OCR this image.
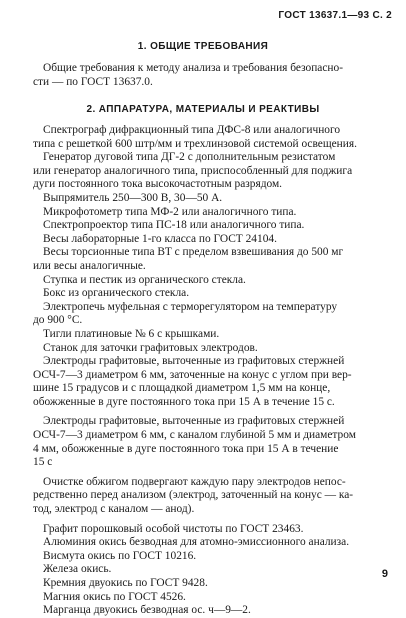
ГОСТ 13637.1—93 С. 2
1. ОБЩИЕ ТРЕБОВАНИЯ

Общие требования к методу анализа и требования безопасно-

сти — по ГОСТ 13637.0.

2. АППАРАТУРА, МАТЕРИАЛЫ И РЕАКТИВЫ

Спектрограф дифракционный типа ДФС-8 или аналогичного

типа с решеткой 600 штр/мм и трехлинзовой системой освещения.

Генератор дуговой типа ДГ-2 с дополнительным резистатом

или генератор аналогичного типа, приспособленный для поджига

дуги постоянного тока высокочастотным разрядом.

Выпрямитель 250—300 В, 30—50 А.

Микрофотометр типа МФ-2 или аналогичного типа.

Спектропроектор типа ПС-18 или аналогичного типа.

Весы лабораторные 1-го класса по ГОСТ 24104.

Весы торсионные типа ВТ с пределом взвешивания до 500 мг

или весы аналогичные.

Ступка и пестик из органического стекла.

Бокс из органического стекла.

Электропечь муфельная с терморегулятором на температуру

до 900 °С.

Тигли платиновые № 6 с крышками.

Станок для заточки графитовых электродов.

Электроды графитовые, выточенные из графитовых стержней

ОСЧ-7—3 диаметром 6 мм, заточенные на конус с углом при вер-

шине 15 градусов и с площадкой диаметром 1,5 мм на конце,

обожженные в дуге постоянного тока при 15 А в течение 15 с.

Электроды графитовые, выточенные из графитовых стержней

ОСЧ-7—3 диаметром 6 мм, с каналом глубиной 5 мм и диаметром

4 мм, обожженные в дуге постоянного тока при 15 А в течение

15 с

Очистке обжигом подвергают каждую пару электродов непос-

редственно перед анализом (электрод, заточенный на конус — ка-

тод, электрод с каналом — анод).

Графит порошковый особой чистоты по ГОСТ 23463.

Алюминия окись безводная для атомно-эмиссионного анализа.

Висмута окись по ГОСТ 10216.

Железа окись.

Кремния двуокись по ГОСТ 9428.

Магния окись по ГОСТ 4526.

Марганца двуокись безводная ос. ч—9—2.

9
